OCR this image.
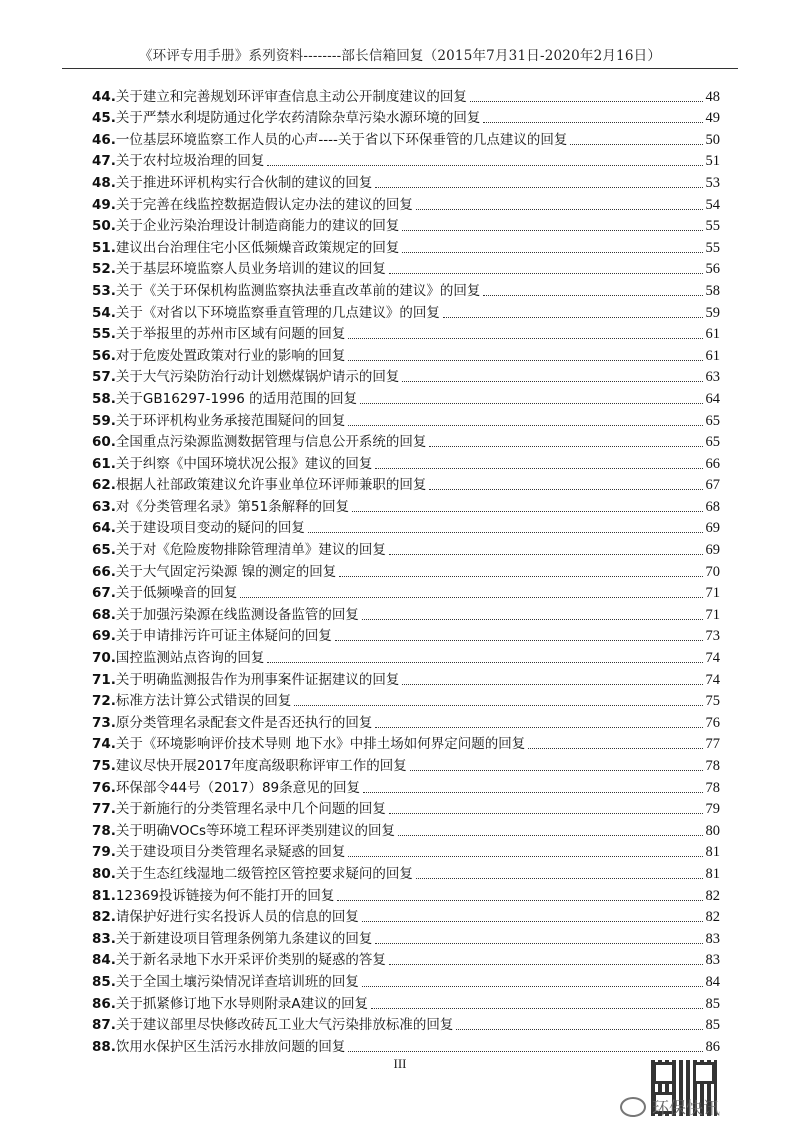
《环评专用手册》系列资料--------部长信箱回复（2015年7月31日-2020年2月16日）
44. 关于建立和完善规划环评审查信息主动公开制度建议的回复	48
45. 关于严禁水利堤防通过化学农药清除杂草污染水源环境的回复	49
46. 一位基层环境监察工作人员的心声----关于省以下环保垂管的几点建议的回复	50
47. 关于农村垃圾治理的回复	51
48. 关于推进环评机构实行合伙制的建议的回复	53
49. 关于完善在线监控数据造假认定办法的建议的回复	54
50. 关于企业污染治理设计制造商能力的建议的回复	55
51. 建议出台治理住宅小区低频燥音政策规定的回复	55
52. 关于基层环境监察人员业务培训的建议的回复	56
53. 关于《关于环保机构监测监察执法垂直改革前的建议》的回复	58
54. 关于《对省以下环境监察垂直管理的几点建议》的回复	59
55. 关于举报里的苏州市区域有问题的回复	61
56. 对于危废处置政策对行业的影响的回复	61
57. 关于大气污染防治行动计划燃煤锅炉请示的回复	63
58. 关于GB16297-1996 的适用范围的回复	64
59. 关于环评机构业务承接范围疑问的回复	65
60. 全国重点污染源监测数据管理与信息公开系统的回复	65
61. 关于纠察《中国环境状况公报》建议的回复	66
62. 根据人社部政策建议允许事业单位环评师兼职的回复	67
63. 对《分类管理名录》第51条解释的回复	68
64. 关于建设项目变动的疑问的回复	69
65. 关于对《危险废物排除管理清单》建议的回复	69
66. 关于大气固定污染源 镍的测定的回复	70
67. 关于低频噪音的回复	71
68. 关于加强污染源在线监测设备监管的回复	71
69. 关于申请排污许可证主体疑问的回复	73
70. 国控监测站点咨询的回复	74
71. 关于明确监测报告作为刑事案件证据建议的回复	74
72. 标准方法计算公式错误的回复	75
73. 原分类管理名录配套文件是否还执行的回复	76
74. 关于《环境影响评价技术导则 地下水》中排土场如何界定问题的回复	77
75. 建议尽快开展2017年度高级职称评审工作的回复	78
76. 环保部令44号（2017）89条意见的回复	78
77. 关于新施行的分类管理名录中几个问题的回复	79
78. 关于明确VOCs等环境工程环评类别建议的回复	80
79. 关于建设项目分类管理名录疑惑的回复	81
80. 关于生态红线湿地二级管控区管控要求疑问的回复	81
81. 12369投诉链接为何不能打开的回复	82
82. 请保护好进行实名投诉人员的信息的回复	82
83. 关于新建设项目管理条例第九条建议的回复	83
84. 关于新名录地下水开采评价类别的疑惑的答复	83
85. 关于全国土壤污染情况详查培训班的回复	84
86. 关于抓紧修订地下水导则附录A建议的回复	85
87. 关于建议部里尽快修改砖瓦工业大气污染排放标准的回复	85
88. 饮用水保护区生活污水排放问题的回复	86
III
环保快讯
